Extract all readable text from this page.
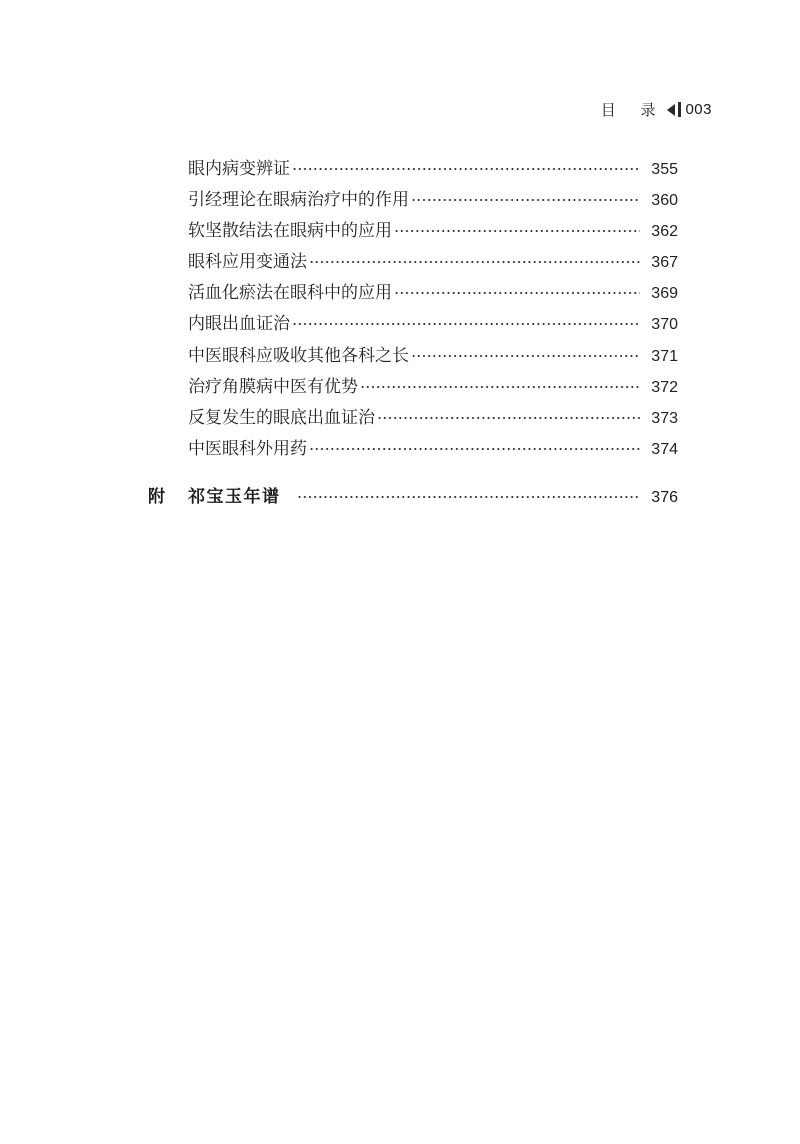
目 录 003
眼内病变辨证	355
引经理论在眼病治疗中的作用	360
软坚散结法在眼病中的应用	362
眼科应用变通法	367
活血化瘀法在眼科中的应用	369
内眼出血证治	370
中医眼科应吸收其他各科之长	371
治疗角膜病中医有优势	372
反复发生的眼底出血证治	373
中医眼科外用药	374
附	祁宝玉年谱	376
